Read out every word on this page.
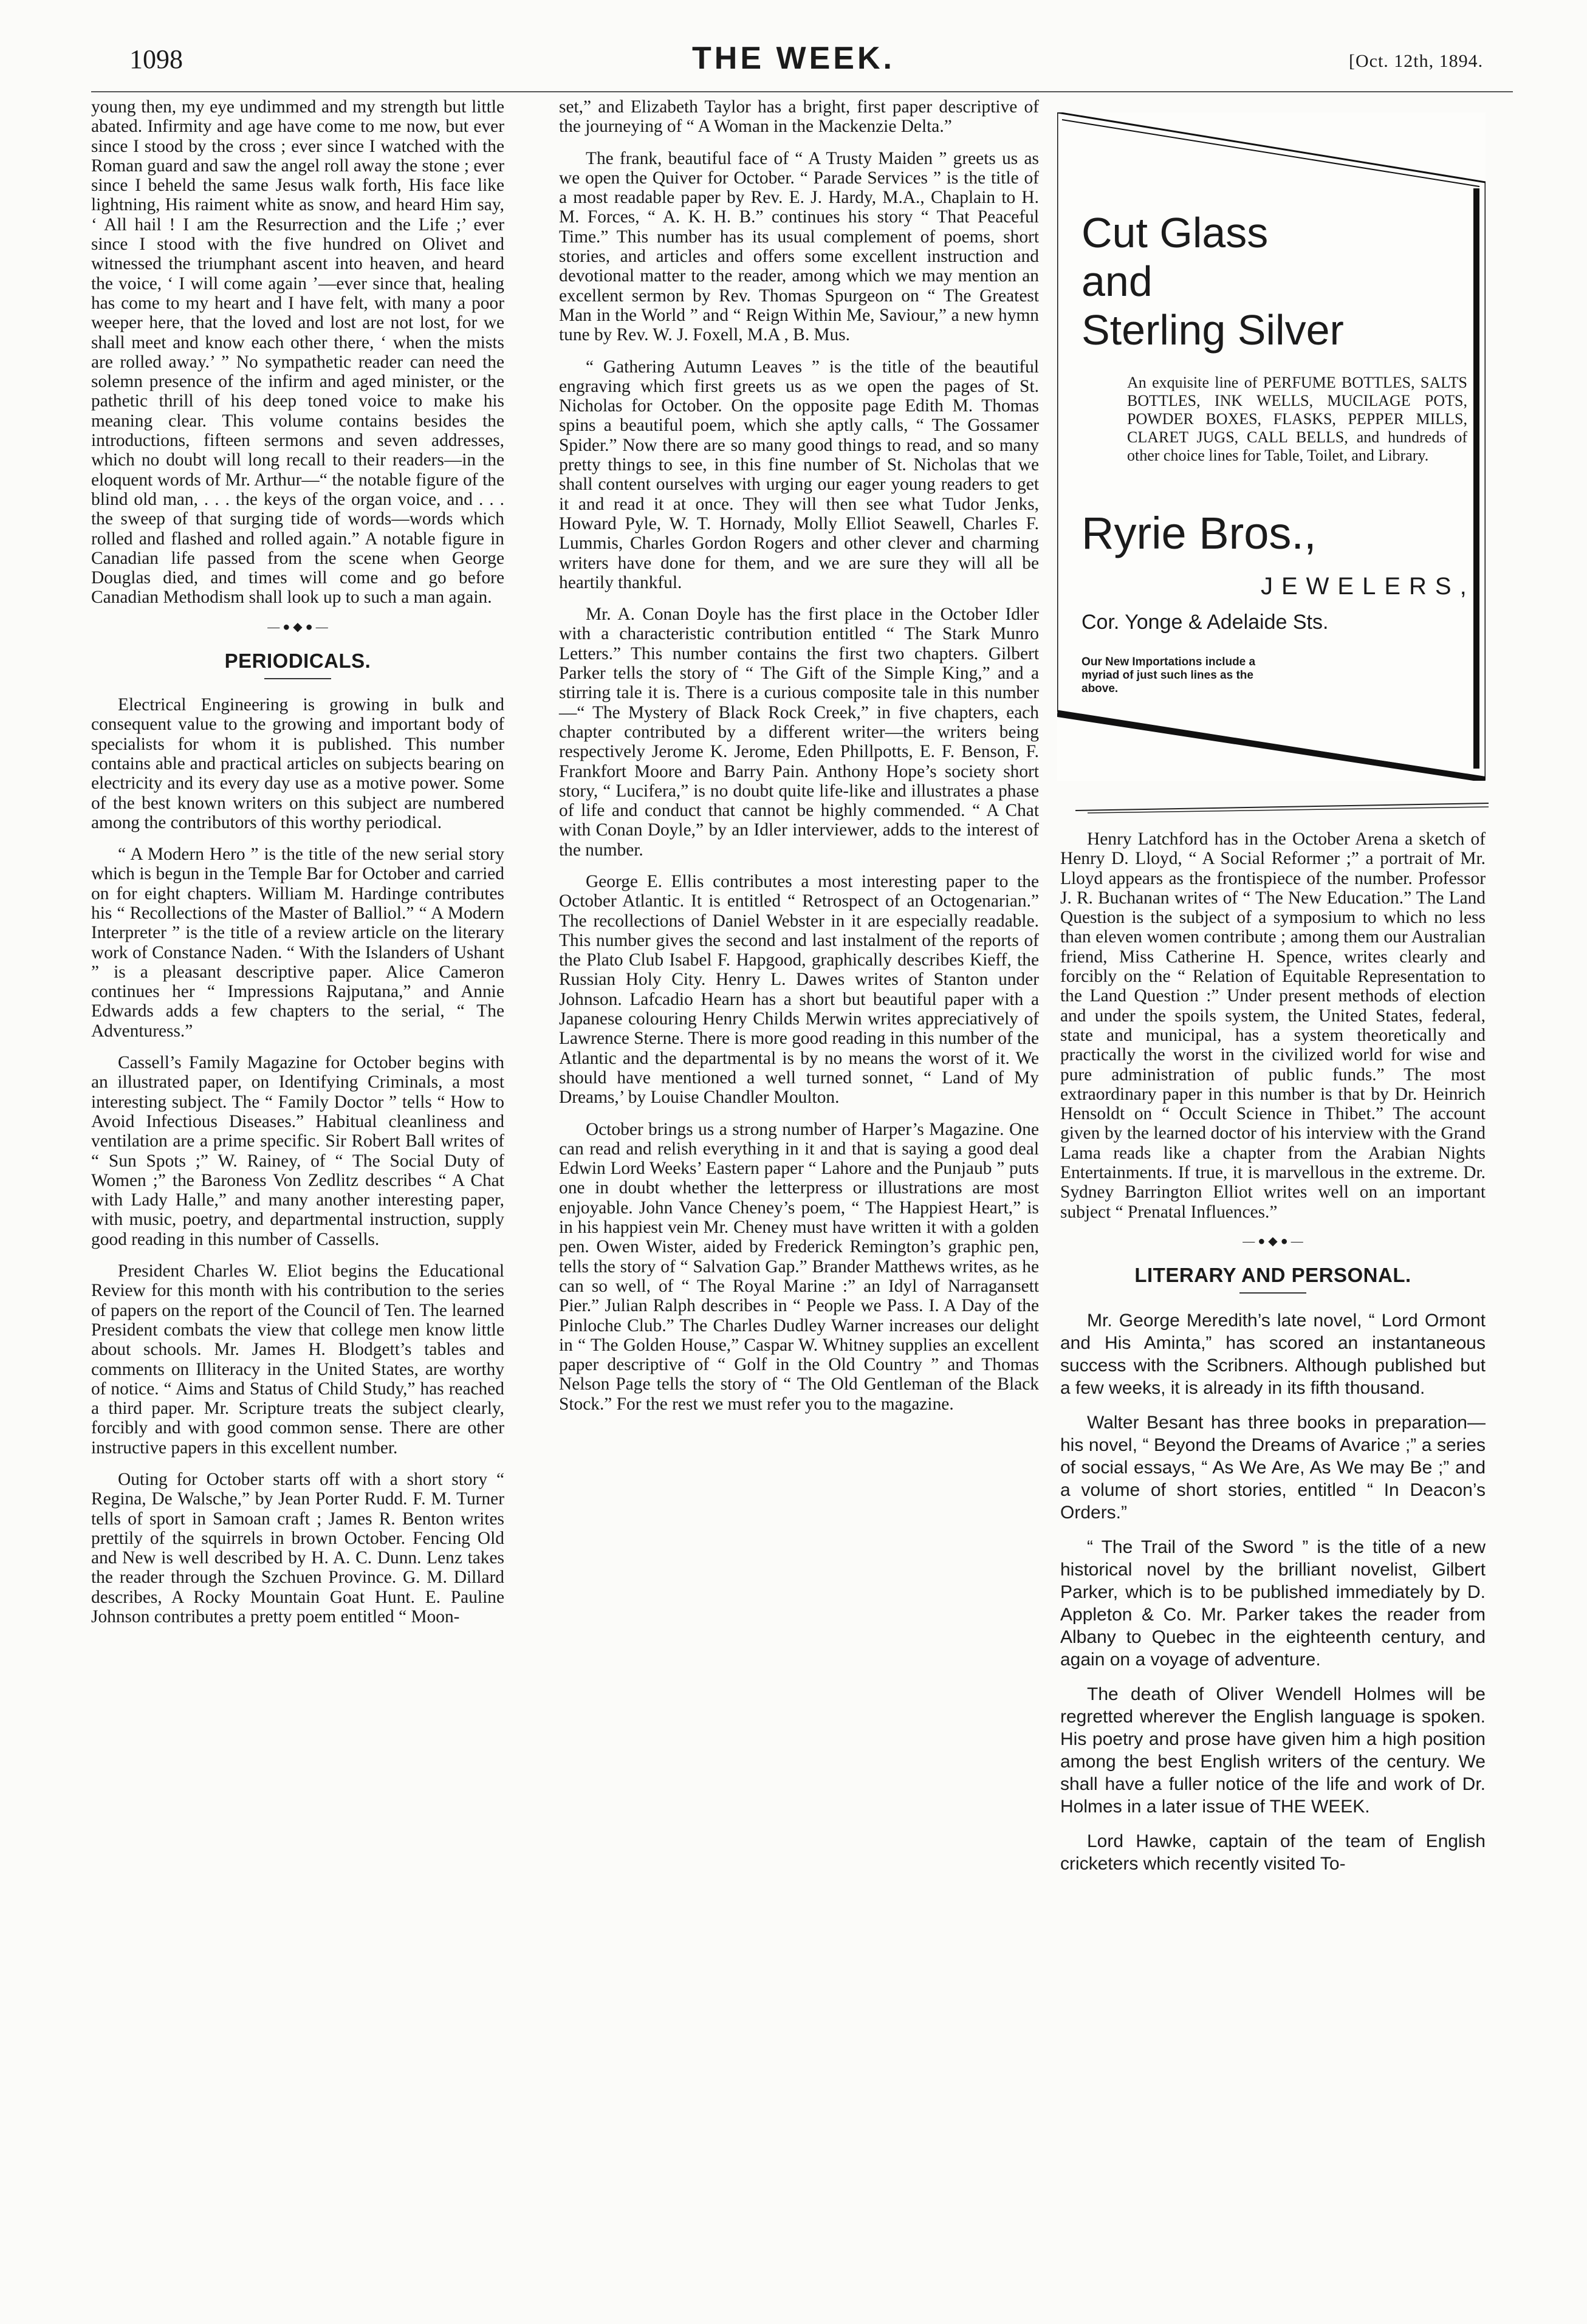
1098	THE WEEK.	[Oct. 12th, 1894.

young then, my eye undimmed and my strength but little abated. Infirmity and age have come to me now, but ever since I stood by the cross ; ever since I watched with the Roman guard and saw the angel roll away the stone ; ever since I beheld the same Jesus walk forth, His face like lightning, His raiment white as snow, and heard Him say, ‘ All hail ! I am the Resurrection and the Life ;’ ever since I stood with the five hundred on Olivet and witnessed the triumphant ascent into heaven, and heard the voice, ‘ I will come again ’—ever since that, healing has come to my heart and I have felt, with many a poor weeper here, that the loved and lost are not lost, for we shall meet and know each other there, ‘ when the mists are rolled away.’ ” No sympathetic reader can need the solemn presence of the infirm and aged minister, or the pathetic thrill of his deep toned voice to make his meaning clear. This volume contains besides the introductions, fifteen sermons and seven addresses, which no doubt will long recall to their readers—in the eloquent words of Mr. Arthur—“ the notable figure of the blind old man, . . . the keys of the organ voice, and . . . the sweep of that surging tide of words—words which rolled and flashed and rolled again.” A notable figure in Canadian life passed from the scene when George Douglas died, and times will come and go before Canadian Methodism shall look up to such a man again.

— ● ◆ ● —
PERIODICALS.

Electrical Engineering is growing in bulk and consequent value to the growing and important body of specialists for whom it is published. This number contains able and practical articles on subjects bearing on electricity and its every day use as a motive power. Some of the best known writers on this subject are numbered among the contributors of this worthy periodical.

“ A Modern Hero ” is the title of the new serial story which is begun in the Temple Bar for October and carried on for eight chapters. William M. Hardinge contributes his “ Recollections of the Master of Balliol.” “ A Modern Interpreter ” is the title of a review article on the literary work of Constance Naden. “ With the Islanders of Ushant ” is a pleasant descriptive paper. Alice Cameron continues her “ Impressions Rajputana,” and Annie Edwards adds a few chapters to the serial, “ The Adventuress.”

Cassell’s Family Magazine for October begins with an illustrated paper, on Identifying Criminals, a most interesting subject. The “ Family Doctor ” tells “ How to Avoid Infectious Diseases.” Habitual cleanliness and ventilation are a prime specific. Sir Robert Ball writes of “ Sun Spots ;” W. Rainey, of “ The Social Duty of Women ;” the Baroness Von Zedlitz describes “ A Chat with Lady Halle,” and many another interesting paper, with music, poetry, and departmental instruction, supply good reading in this number of Cassells.

President Charles W. Eliot begins the Educational Review for this month with his contribution to the series of papers on the report of the Council of Ten. The learned President combats the view that college men know little about schools. Mr. James H. Blodgett’s tables and comments on Illiteracy in the United States, are worthy of notice. “ Aims and Status of Child Study,” has reached a third paper. Mr. Scripture treats the subject clearly, forcibly and with good common sense. There are other instructive papers in this excellent number.

Outing for October starts off with a short story “ Regina, De Walsche,” by Jean Porter Rudd. F. M. Turner tells of sport in Samoan craft ; James R. Benton writes prettily of the squirrels in brown October. Fencing Old and New is well described by H. A. C. Dunn. Lenz takes the reader through the Szchuen Province. G. M. Dillard describes, A Rocky Mountain Goat Hunt. E. Pauline Johnson contributes a pretty poem entitled “ Moon-

set,” and Elizabeth Taylor has a bright, first paper descriptive of the journeying of “ A Woman in the Mackenzie Delta.”

The frank, beautiful face of “ A Trusty Maiden ” greets us as we open the Quiver for October. “ Parade Services ” is the title of a most readable paper by Rev. E. J. Hardy, M.A., Chaplain to H. M. Forces, “ A. K. H. B.” continues his story “ That Peaceful Time.” This number has its usual complement of poems, short stories, and articles and offers some excellent instruction and devotional matter to the reader, among which we may mention an excellent sermon by Rev. Thomas Spurgeon on “ The Greatest Man in the World ” and “ Reign Within Me, Saviour,” a new hymn tune by Rev. W. J. Foxell, M.A , B. Mus.

“ Gathering Autumn Leaves ” is the title of the beautiful engraving which first greets us as we open the pages of St. Nicholas for October. On the opposite page Edith M. Thomas spins a beautiful poem, which she aptly calls, “ The Gossamer Spider.” Now there are so many good things to read, and so many pretty things to see, in this fine number of St. Nicholas that we shall content ourselves with urging our eager young readers to get it and read it at once. They will then see what Tudor Jenks, Howard Pyle, W. T. Hornady, Molly Elliot Seawell, Charles F. Lummis, Charles Gordon Rogers and other clever and charming writers have done for them, and we are sure they will all be heartily thankful.

Mr. A. Conan Doyle has the first place in the October Idler with a characteristic contribution entitled “ The Stark Munro Letters.” This number contains the first two chapters. Gilbert Parker tells the story of “ The Gift of the Simple King,” and a stirring tale it is. There is a curious composite tale in this number—“ The Mystery of Black Rock Creek,” in five chapters, each chapter contributed by a different writer—the writers being respectively Jerome K. Jerome, Eden Phillpotts, E. F. Benson, F. Frankfort Moore and Barry Pain. Anthony Hope’s society short story, “ Lucifera,” is no doubt quite life-like and illustrates a phase of life and conduct that cannot be highly commended. “ A Chat with Conan Doyle,” by an Idler interviewer, adds to the interest of the number.

George E. Ellis contributes a most interesting paper to the October Atlantic. It is entitled “ Retrospect of an Octogenarian.” The recollections of Daniel Webster in it are especially readable. This number gives the second and last instalment of the reports of the Plato Club Isabel F. Hapgood, graphically describes Kieff, the Russian Holy City. Henry L. Dawes writes of Stanton under Johnson. Lafcadio Hearn has a short but beautiful paper with a Japanese colouring Henry Childs Merwin writes appreciatively of Lawrence Sterne. There is more good reading in this number of the Atlantic and the departmental is by no means the worst of it. We should have mentioned a well turned sonnet, “ Land of My Dreams,’ by Louise Chandler Moulton.

October brings us a strong number of Harper’s Magazine. One can read and relish everything in it and that is saying a good deal Edwin Lord Weeks’ Eastern paper “ Lahore and the Punjaub ” puts one in doubt whether the letterpress or illustrations are most enjoyable. John Vance Cheney’s poem, “ The Happiest Heart,” is in his happiest vein Mr. Cheney must have written it with a golden pen. Owen Wister, aided by Frederick Remington’s graphic pen, tells the story of “ Salvation Gap.” Brander Matthews writes, as he can so well, of “ The Royal Marine :” an Idyl of Narragansett Pier.” Julian Ralph describes in “ People we Pass. I. A Day of the Pinloche Club.” The Charles Dudley Warner increases our delight in “ The Golden House,” Caspar W. Whitney supplies an excellent paper descriptive of “ Golf in the Old Country ” and Thomas Nelson Page tells the story of “ The Old Gentleman of the Black Stock.” For the rest we must refer you to the magazine.

Cut Glass
and
Sterling Silver
An exquisite line of PERFUME BOTTLES, SALTS BOTTLES, INK WELLS, MUCILAGE POTS, POWDER BOXES, FLASKS, PEPPER MILLS, CLARET JUGS, CALL BELLS, and hundreds of other choice lines for Table, Toilet, and Library.
Ryrie Bros.,
JEWELERS,
Cor. Yonge & Adelaide Sts.
Our New Importations include a myriad of just such lines as the above.

Henry Latchford has in the October Arena a sketch of Henry D. Lloyd, “ A Social Reformer ;” a portrait of Mr. Lloyd appears as the frontispiece of the number. Professor J. R. Buchanan writes of “ The New Education.” The Land Question is the subject of a symposium to which no less than eleven women contribute ; among them our Australian friend, Miss Catherine H. Spence, writes clearly and forcibly on the “ Relation of Equitable Representation to the Land Question :” Under present methods of election and under the spoils system, the United States, federal, state and municipal, has a system theoretically and practically the worst in the civilized world for wise and pure administration of public funds.” The most extraordinary paper in this number is that by Dr. Heinrich Hensoldt on “ Occult Science in Thibet.” The account given by the learned doctor of his interview with the Grand Lama reads like a chapter from the Arabian Nights Entertainments. If true, it is marvellous in the extreme. Dr. Sydney Barrington Elliot writes well on an important subject “ Prenatal Influences.”

— ● ◆ ● —
LITERARY AND PERSONAL.

Mr. George Meredith’s late novel, “ Lord Ormont and His Aminta,” has scored an instantaneous success with the Scribners. Although published but a few weeks, it is already in its fifth thousand.

Walter Besant has three books in preparation—his novel, “ Beyond the Dreams of Avarice ;” a series of social essays, “ As We Are, As We may Be ;” and a volume of short stories, entitled “ In Deacon’s Orders.”

“ The Trail of the Sword ” is the title of a new historical novel by the brilliant novelist, Gilbert Parker, which is to be published immediately by D. Appleton & Co. Mr. Parker takes the reader from Albany to Quebec in the eighteenth century, and again on a voyage of adventure.

The death of Oliver Wendell Holmes will be regretted wherever the English language is spoken. His poetry and prose have given him a high position among the best English writers of the century. We shall have a fuller notice of the life and work of Dr. Holmes in a later issue of THE WEEK.

Lord Hawke, captain of the team of English cricketers which recently visited To-
